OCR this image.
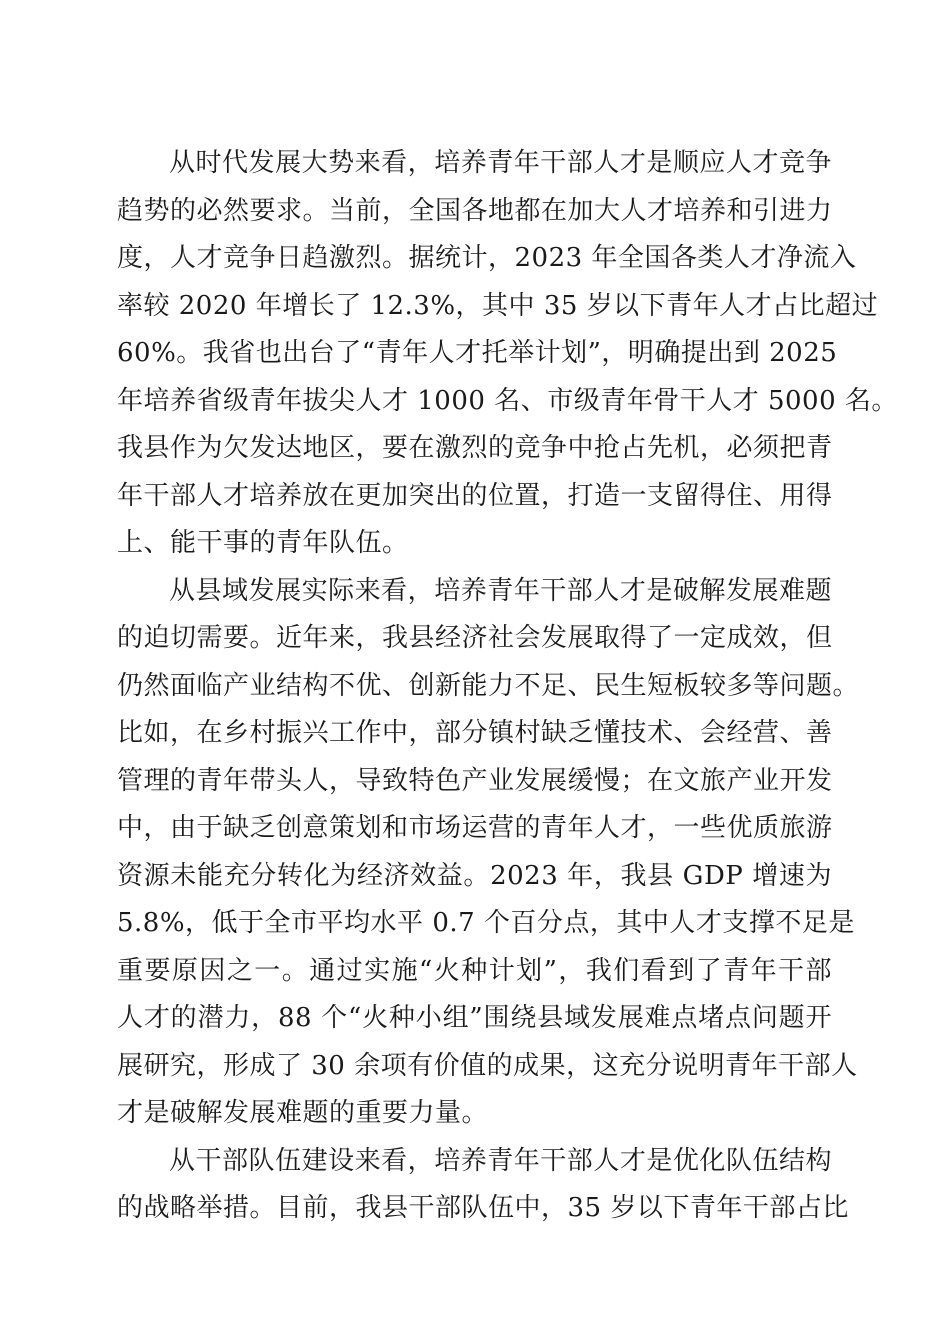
从时代发展大势来看，培养青年干部人才是顺应人才竞争
趋势的必然要求。当前，全国各地都在加大人才培养和引进力
度，人才竞争日趋激烈。据统计，2023 年全国各类人才净流入
率较 2020 年增长了 12.3%，其中 35 岁以下青年人才占比超过
60%。我省也出台了“青年人才托举计划”，明确提出到 2025
年培养省级青年拔尖人才 1000 名、市级青年骨干人才 5000 名。
我县作为欠发达地区，要在激烈的竞争中抢占先机，必须把青
年干部人才培养放在更加突出的位置，打造一支留得住、用得
上、能干事的青年队伍。
从县域发展实际来看，培养青年干部人才是破解发展难题
的迫切需要。近年来，我县经济社会发展取得了一定成效，但
仍然面临产业结构不优、创新能力不足、民生短板较多等问题。
比如，在乡村振兴工作中，部分镇村缺乏懂技术、会经营、善
管理的青年带头人，导致特色产业发展缓慢；在文旅产业开发
中，由于缺乏创意策划和市场运营的青年人才，一些优质旅游
资源未能充分转化为经济效益。2023 年，我县 GDP 增速为
5.8%，低于全市平均水平 0.7 个百分点，其中人才支撑不足是
重要原因之一。通过实施“火种计划”，我们看到了青年干部
人才的潜力，88 个“火种小组”围绕县域发展难点堵点问题开
展研究，形成了 30 余项有价值的成果，这充分说明青年干部人
才是破解发展难题的重要力量。
从干部队伍建设来看，培养青年干部人才是优化队伍结构
的战略举措。目前，我县干部队伍中，35 岁以下青年干部占比
